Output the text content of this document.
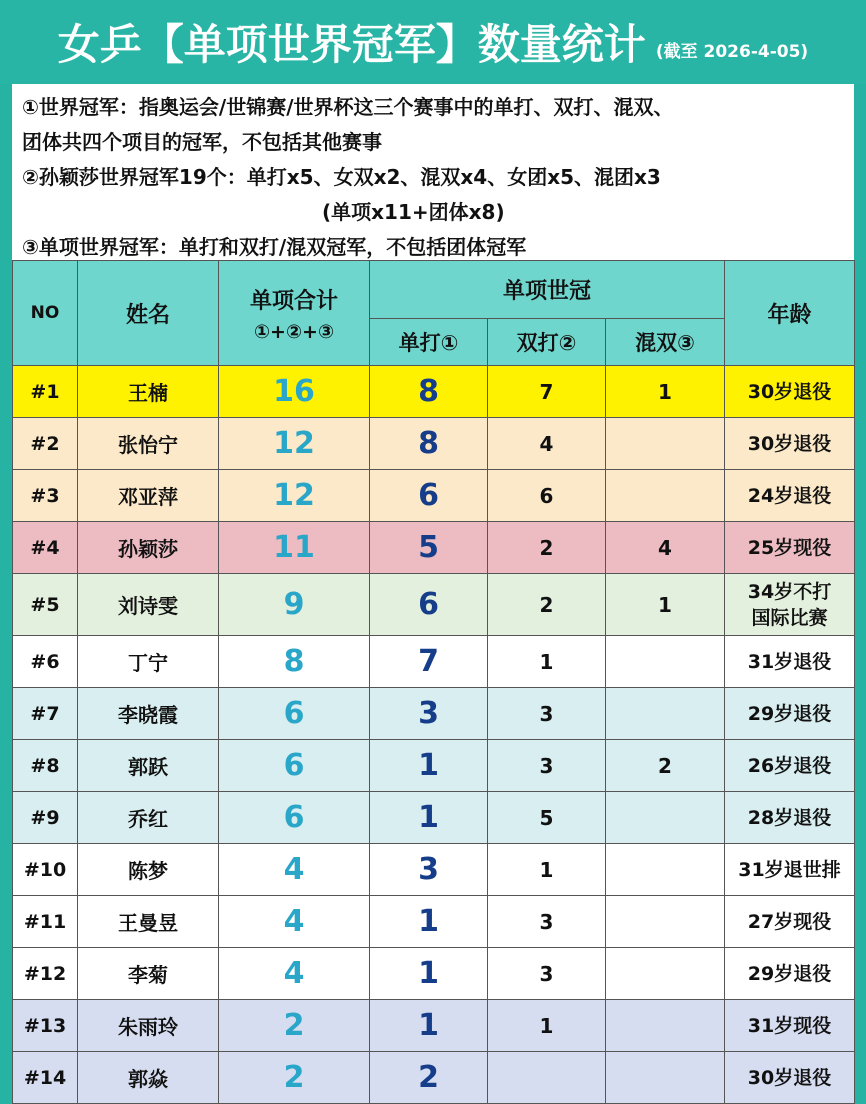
女乒【单项世界冠军】数量统计 (截至 2026-4-05)
①世界冠军：指奥运会/世锦赛/世界杯这三个赛事中的单打、双打、混双、
团体共四个项目的冠军，不包括其他赛事
②孙颖莎世界冠军19个：单打x5、女双x2、混双x4、女团x5、混团x3
(单项x11+团体x8)
③单项世界冠军：单打和双打/混双冠军，不包括团体冠军
NO	姓名	单项合计
①+②+③	单项世冠			年龄
			单打①	双打②	混双③	
#1	王楠	16	8	7	1	30岁退役

#2	张怡宁	12	8	4		30岁退役

#3	邓亚萍	12	6	6		24岁退役

#4	孙颖莎	11	5	2	4	25岁现役

#5	刘诗雯	9	6	2	1	34岁不打
国际比赛

#6	丁宁	8	7	1		31岁退役

#7	李晓霞	6	3	3		29岁退役

#8	郭跃	6	1	3	2	26岁退役

#9	乔红	6	1	5		28岁退役

#10	陈梦	4	3	1		31岁退世排

#11	王曼昱	4	1	3		27岁现役

#12	李菊	4	1	3		29岁退役

#13	朱雨玲	2	1	1		31岁现役

#14	郭焱	2	2			30岁退役
